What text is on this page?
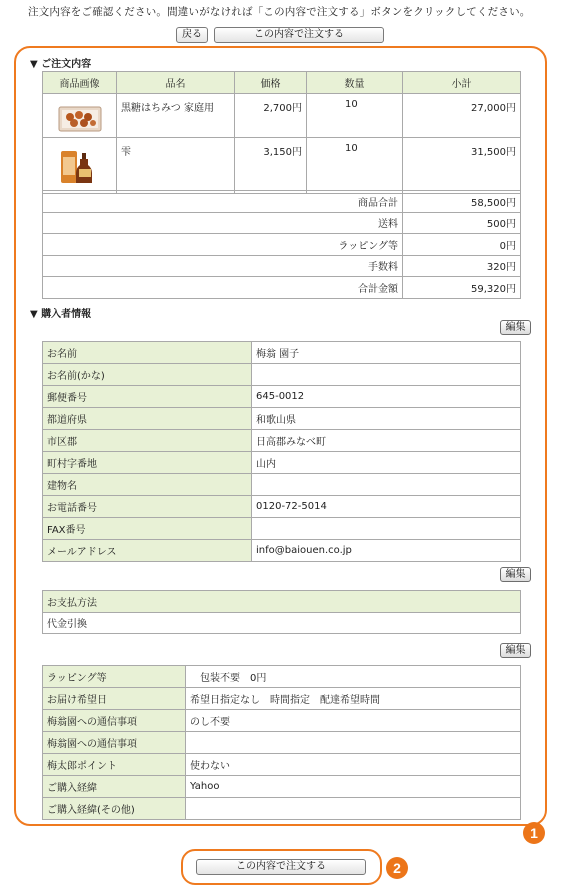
注文内容をご確認ください。間違いがなければ「この内容で注文する」ボタンをクリックしてください。
戻る	この内容で注文する
1
▼ ご注文内容
商品画像	品名	価格	数量	小計

	黒糖はちみつ 家庭用	2,700円	10	27,000円

	雫	3,150円	10	31,500円
商品合計	58,500円
送料	500円
ラッピング等	0円
手数料	320円
合計金額	59,320円
▼ 購入者情報
編集
お名前	梅翁 園子
お名前(かな)	
郵便番号	645-0012
都道府県	和歌山県
市区郡	日高郡みなべ町
町村字番地	山内
建物名	
お電話番号	0120-72-5014
FAX番号	
メールアドレス	info@baiouen.co.jp
編集
お支払方法
代金引換
編集
ラッピング等	　包装不要　0円
お届け希望日	希望日指定なし　時間指定　配達希望時間
梅翁園への通信事項	のし不要
梅翁園への通信事項	
梅太郎ポイント	使わない
ご購入経緯	Yahoo
ご購入経緯(その他)	
この内容で注文する	2
